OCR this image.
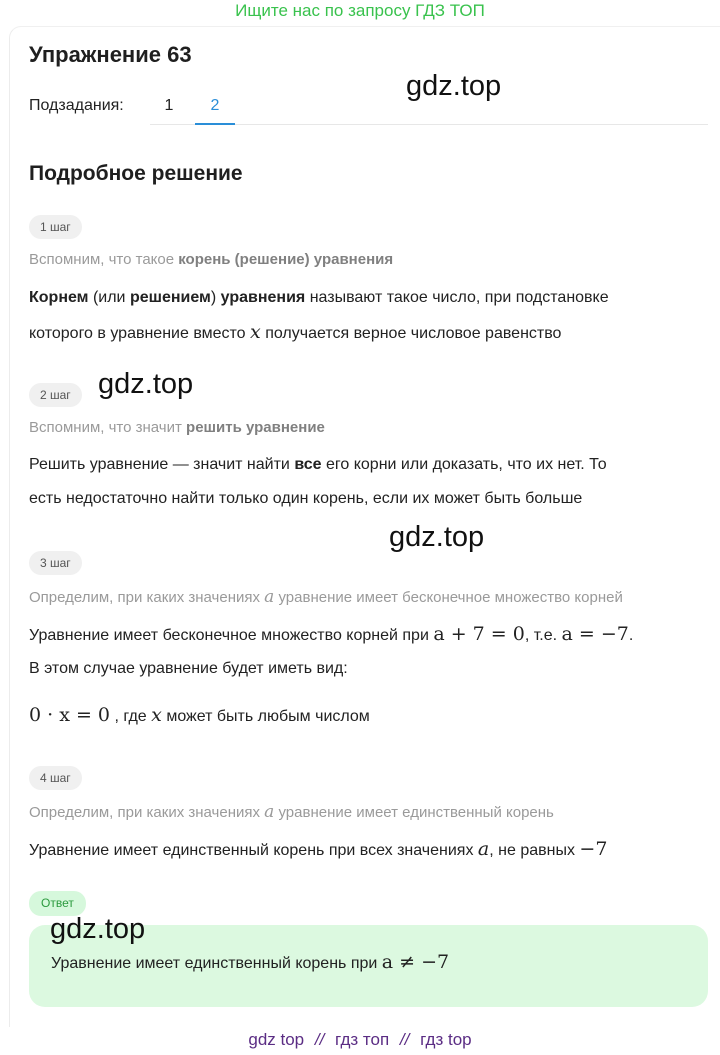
Ищите нас по запросу ГДЗ ТОП
Упражнение 63
Подзадания:	1	2
gdz.top
Подробное решение
1 шаг
Вспомним, что такое корень (решение) уравнения
Корнем (или решением) уравнения называют такое число, при подстановке
которого в уравнение вместо x получается верное числовое равенство
2 шаг gdz.top
Вспомним, что значит решить уравнение
Решить уравнение — значит найти все его корни или доказать, что их нет. То
есть недостаточно найти только один корень, если их может быть больше
gdz.top
3 шаг
Определим, при каких значениях a уравнение имеет бесконечное множество корней
Уравнение имеет бесконечное множество корней при a + 7 = 0, т.е. a = −7.
В этом случае уравнение будет иметь вид:
0 · x = 0 , где x может быть любым числом
4 шаг
Определим, при каких значениях a уравнение имеет единственный корень
Уравнение имеет единственный корень при всех значениях a, не равных −7
Ответ
Уравнение имеет единственный корень при a ≠ −7
gdz.top
gdz top // гдз топ // гдз top
